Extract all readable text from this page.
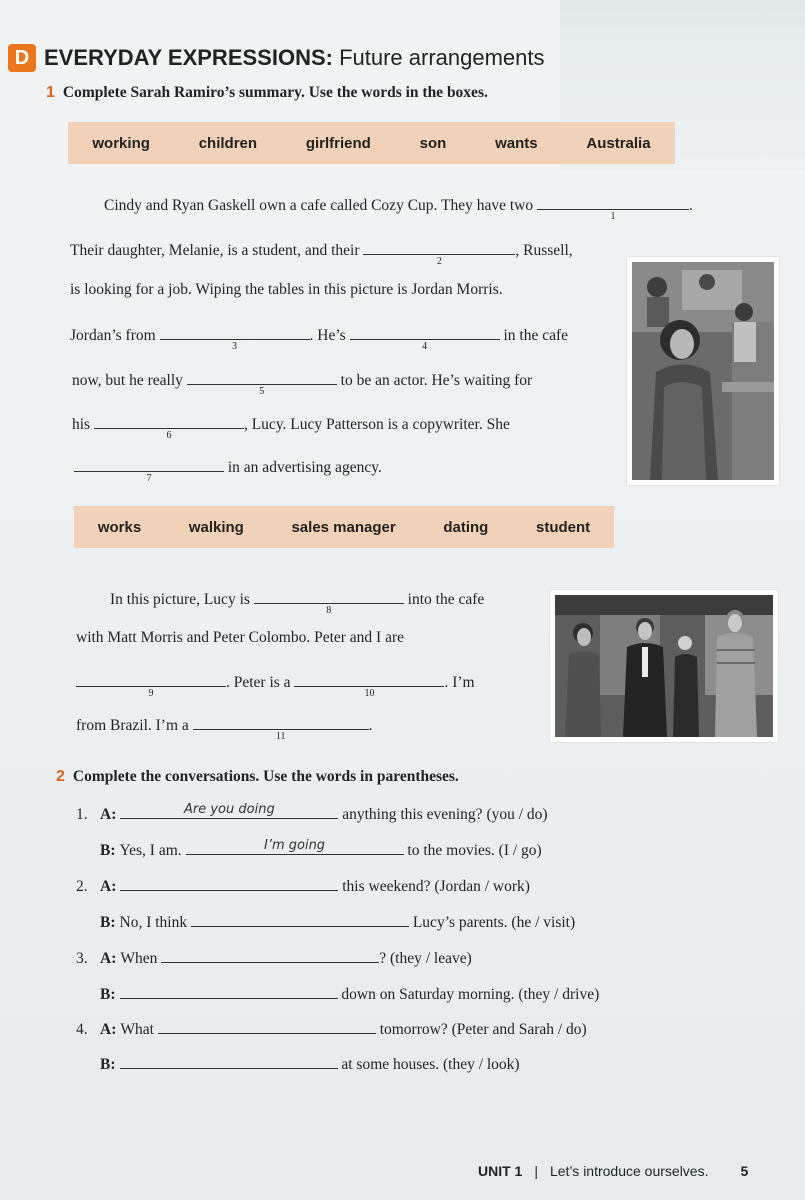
D EVERYDAY EXPRESSIONS: Future arrangements
1 Complete Sarah Ramiro’s summary. Use the words in the boxes.
working	children	girlfriend	son	wants	Australia
Cindy and Ryan Gaskell own a cafe called Cozy Cup. They have two
1
.
Their daughter, Melanie, is a student, and their
2
, Russell,
is looking for a job. Wiping the tables in this picture is Jordan Morris.
Jordan’s from
3
. He’s
4
in the cafe
now, but he really
5
to be an actor. He’s waiting for
his
6
, Lucy. Lucy Patterson is a copywriter. She
7
in an advertising agency.
works	walking	sales manager	dating	student
In this picture, Lucy is
8
into the cafe
with Matt Morris and Peter Colombo. Peter and I are
9
. Peter is a
10
. I’m
from Brazil. I’m a
11
.
2 Complete the conversations. Use the words in parentheses.
1. A:	Are you doing	anything this evening? (you / do)
B: Yes, I am.	I’m going	to the movies. (I / go)
2. A:	this weekend? (Jordan / work)
B: No, I think	Lucy’s parents. (he / visit)
3. A: When	? (they / leave)
B:	down on Saturday morning. (they / drive)
4. A: What	tomorrow? (Peter and Sarah / do)
B:	at some houses. (they / look)
UNIT 1 | Let’s introduce ourselves. 5
